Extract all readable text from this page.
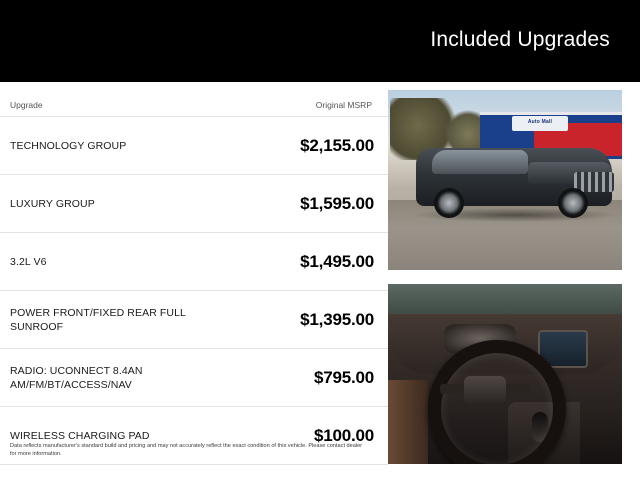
Included Upgrades
Upgrade	Original MSRP
TECHNOLOGY GROUP	$2,155.00
LUXURY GROUP	$1,595.00
3.2L V6	$1,495.00
POWER FRONT/FIXED REAR FULL SUNROOF	$1,395.00
RADIO: UCONNECT 8.4AN AM/FM/BT/ACCESS/NAV	$795.00
WIRELESS CHARGING PAD	$100.00
Data reflects manufacturer's standard build and pricing and may not accurately reflect the exact condition of this vehicle. Please contact dealer for more information.
Auto Mall
